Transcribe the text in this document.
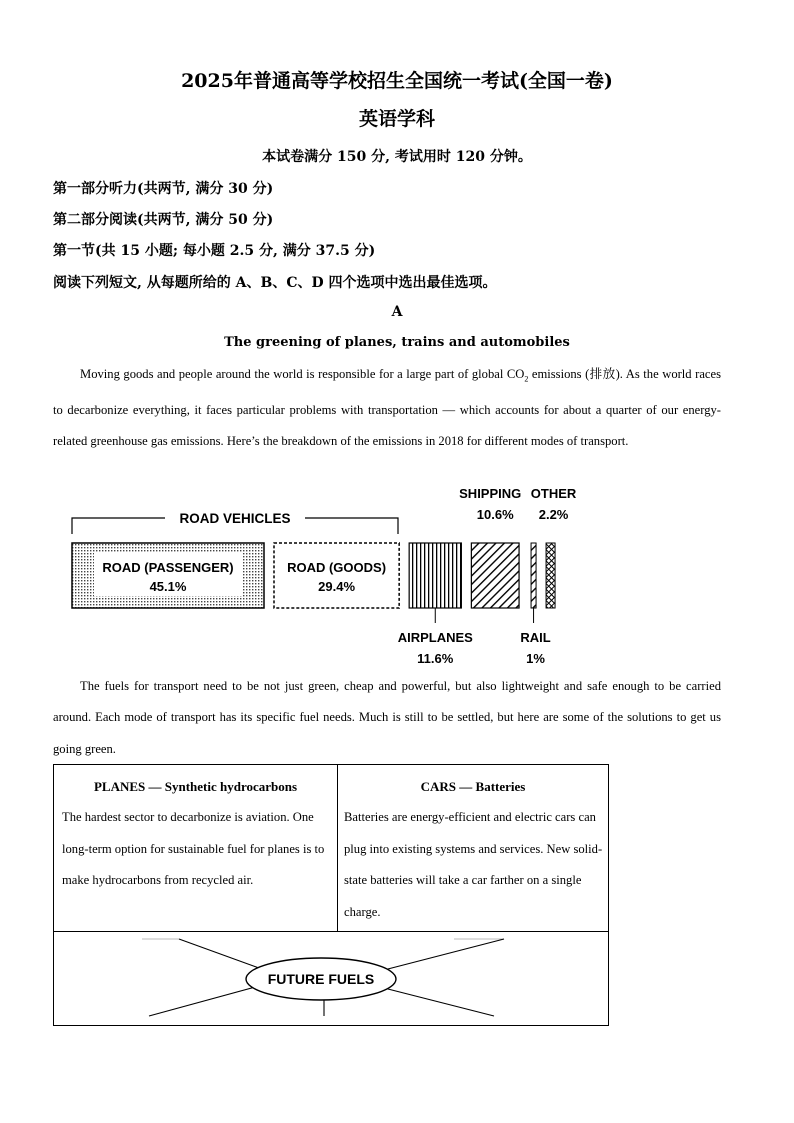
2025年普通高等学校招生全国统一考试(全国一卷)
英语学科
本试卷满分 150 分, 考试用时 120 分钟。
第一部分听力(共两节, 满分 30 分)
第二部分阅读(共两节, 满分 50 分)
第一节(共 15 小题; 每小题 2.5 分, 满分 37.5 分)
阅读下列短文, 从每题所给的 A、B、C、D 四个选项中选出最佳选项。
A
The greening of planes, trains and automobiles

Moving goods and people around the world is responsible for a large part of global $CO_2$ emissions (排放). As the world races to decarbonize everything, it faces particular problems with transportation — which accounts for about a quarter of our energy-related greenhouse gas emissions. Here’s the breakdown of the emissions in 2018 for different modes of transport.

ROAD VEHICLES
ROAD (PASSENGER)
45.1%
ROAD (GOODS)
29.4%
AIRPLANES
11.6%
SHIPPING
10.6%
RAIL
1%
OTHER
2.2%

The fuels for transport need to be not just green, cheap and powerful, but also lightweight and safe enough to be carried around. Each mode of transport has its specific fuel needs. Much is still to be settled, but here are some of the solutions to get us going green.

PLANES — Synthetic hydrocarbons
The hardest sector to decarbonize is aviation. One long-term option for sustainable fuel for planes is to make hydrocarbons from recycled air.
CARS — Batteries
Batteries are energy-efficient and electric cars can plug into existing systems and services. New solid-state batteries will take a car farther on a single charge.
FUTURE FUELS
